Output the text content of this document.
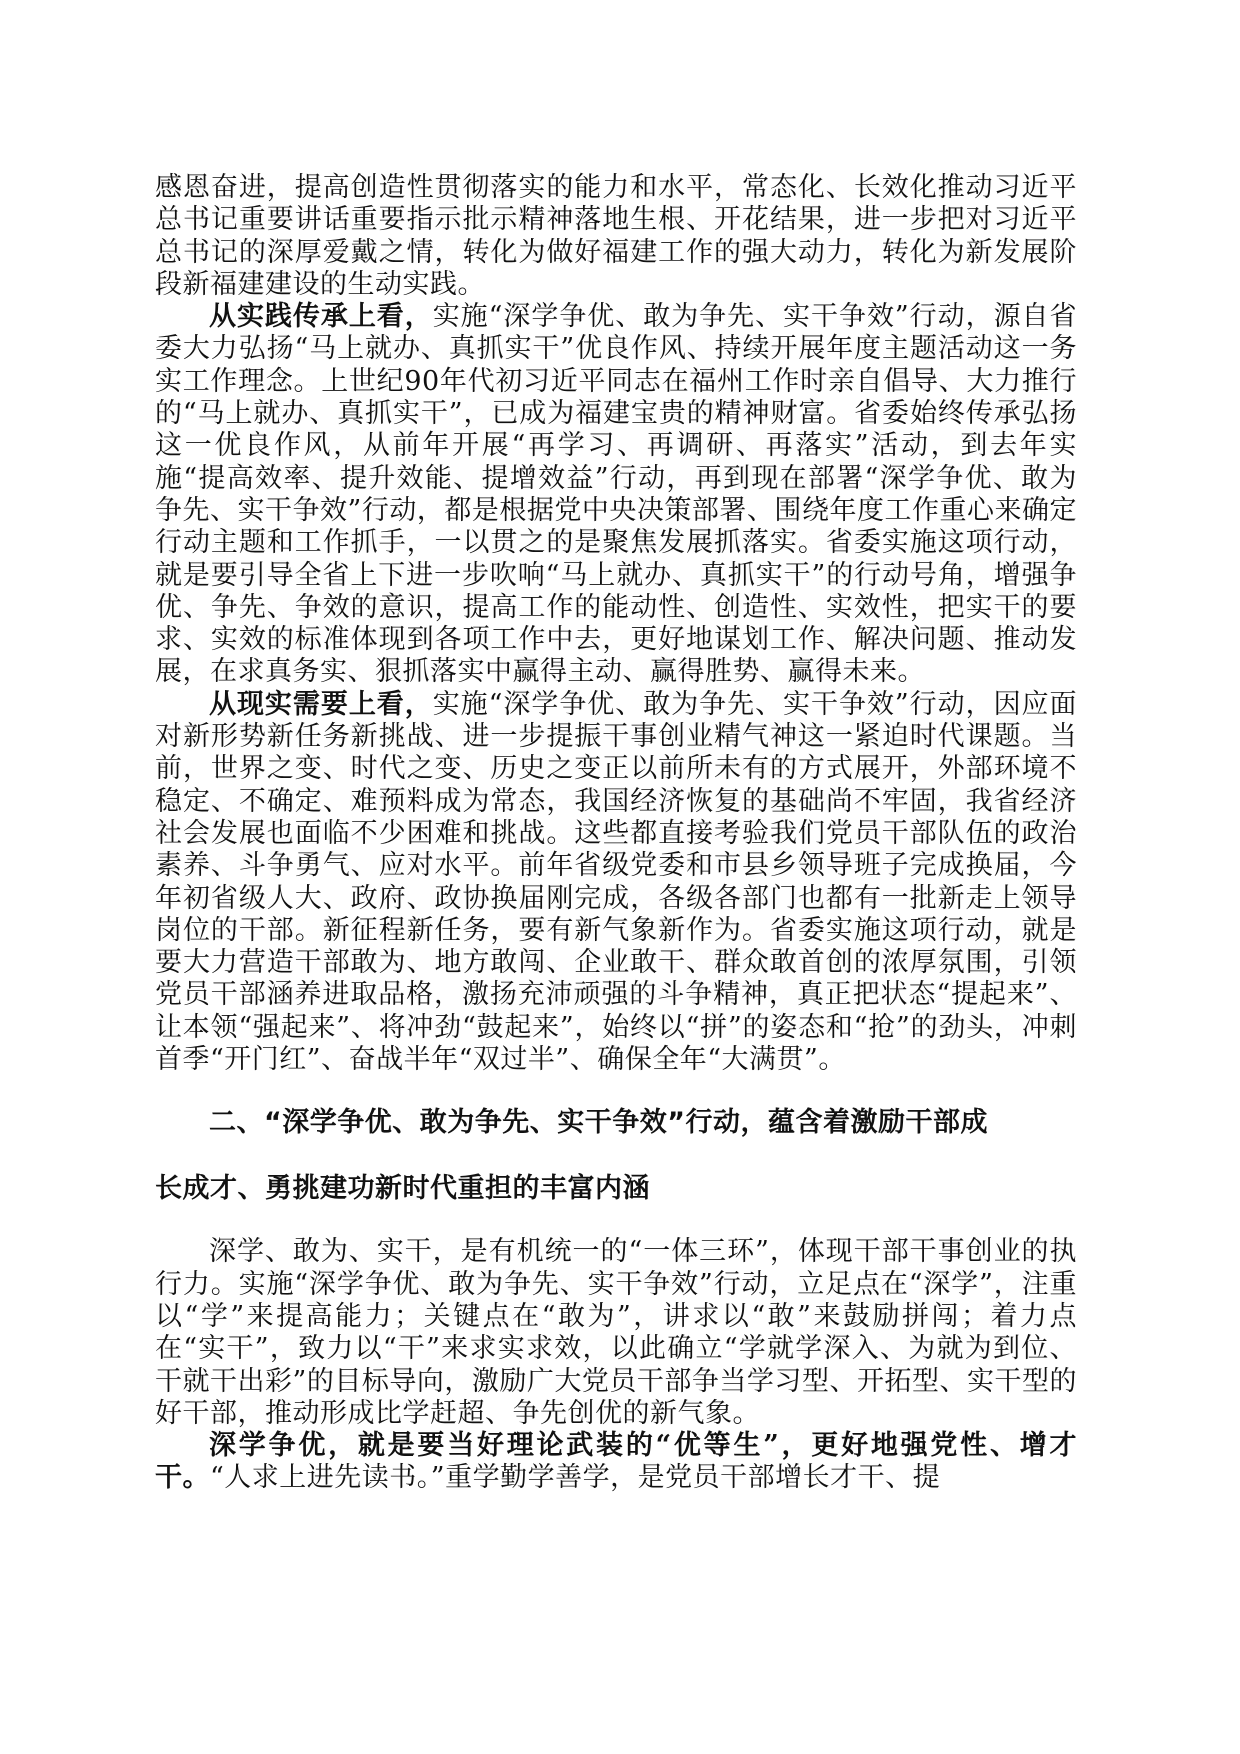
感恩奋进，提高创造性贯彻落实的能力和水平，常态化、长效化推动习近平总书记重要讲话重要指示批示精神落地生根、开花结果，进一步把对习近平总书记的深厚爱戴之情，转化为做好福建工作的强大动力，转化为新发展阶段新福建建设的生动实践。

从实践传承上看，实施“深学争优、敢为争先、实干争效”行动，源自省委大力弘扬“马上就办、真抓实干”优良作风、持续开展年度主题活动这一务实工作理念。上世纪90年代初习近平同志在福州工作时亲自倡导、大力推行的“马上就办、真抓实干”，已成为福建宝贵的精神财富。省委始终传承弘扬这一优良作风，从前年开展“再学习、再调研、再落实”活动，到去年实施“提高效率、提升效能、提增效益”行动，再到现在部署“深学争优、敢为争先、实干争效”行动，都是根据党中央决策部署、围绕年度工作重心来确定行动主题和工作抓手，一以贯之的是聚焦发展抓落实。省委实施这项行动，就是要引导全省上下进一步吹响“马上就办、真抓实干”的行动号角，增强争优、争先、争效的意识，提高工作的能动性、创造性、实效性，把实干的要求、实效的标准体现到各项工作中去，更好地谋划工作、解决问题、推动发展，在求真务实、狠抓落实中赢得主动、赢得胜势、赢得未来。

从现实需要上看，实施“深学争优、敢为争先、实干争效”行动，因应面对新形势新任务新挑战、进一步提振干事创业精气神这一紧迫时代课题。当前，世界之变、时代之变、历史之变正以前所未有的方式展开，外部环境不稳定、不确定、难预料成为常态，我国经济恢复的基础尚不牢固，我省经济社会发展也面临不少困难和挑战。这些都直接考验我们党员干部队伍的政治素养、斗争勇气、应对水平。前年省级党委和市县乡领导班子完成换届，今年初省级人大、政府、政协换届刚完成，各级各部门也都有一批新走上领导岗位的干部。新征程新任务，要有新气象新作为。省委实施这项行动，就是要大力营造干部敢为、地方敢闯、企业敢干、群众敢首创的浓厚氛围，引领党员干部涵养进取品格，激扬充沛顽强的斗争精神，真正把状态“提起来”、让本领“强起来”、将冲劲“鼓起来”，始终以“拼”的姿态和“抢”的劲头，冲刺首季“开门红”、奋战半年“双过半”、确保全年“大满贯”。

二、“深学争优、敢为争先、实干争效”行动，蕴含着激励干部成

长成才、勇挑建功新时代重担的丰富内涵

深学、敢为、实干，是有机统一的“一体三环”，体现干部干事创业的执行力。实施“深学争优、敢为争先、实干争效”行动，立足点在“深学”，注重以“学”来提高能力；关键点在“敢为”，讲求以“敢”来鼓励拼闯；着力点在“实干”，致力以“干”来求实求效，以此确立“学就学深入、为就为到位、干就干出彩”的目标导向，激励广大党员干部争当学习型、开拓型、实干型的好干部，推动形成比学赶超、争先创优的新气象。

深学争优，就是要当好理论武装的“优等生”，更好地强党性、增才干。“人求上进先读书。”重学勤学善学，是党员干部增长才干、提
